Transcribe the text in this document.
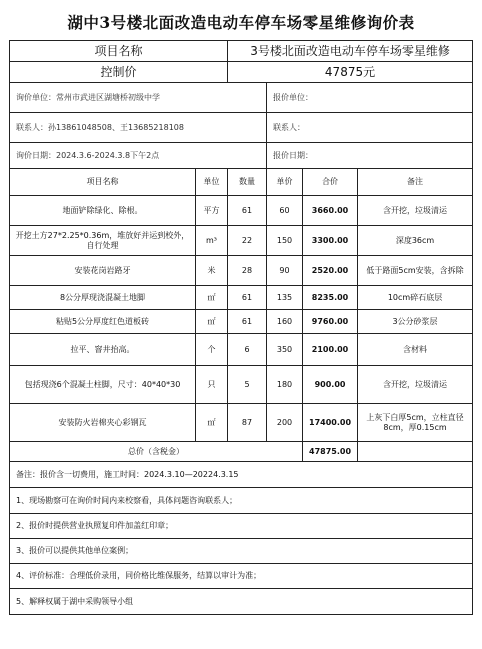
湖中3号楼北面改造电动车停车场零星维修询价表
项目名称		3号楼北面改造电动车停车场零星维修			
控制价		47875元			
询价单位：常州市武进区湖塘桥初级中学			报价单位：		
联系人：孙13861048508、王13685218108			联系人：		
询价日期：2024.3.6-2024.3.8下午2点			报价日期：		
项目名称	单位	数量	单价	合价	备注
地面铲除绿化、除根。	平方	61	60	3660.00	含开挖，垃圾清运
开挖土方27*2.25*0.36m，堆放好并运到校外，自行处理	m³	22	150	3300.00	深度36cm
安装花岗岩路牙	米	28	90	2520.00	低于路面5cm安装，含拆除
8公分厚现浇混凝土地脚	㎡	61	135	8235.00	10cm碎石底层
粘贴5公分厚度红色道板砖	㎡	61	160	9760.00	3公分砂浆层
拉平、窨井抬高。	个	6	350	2100.00	含材料
包括现浇6个混凝土柱脚，尺寸：40*40*30	只	5	180	900.00	含开挖，垃圾清运
安装防火岩棉夹心彩钢瓦	㎡	87	200	17400.00	上灰下白厚5cm，立柱直径8cm，厚0.15cm
总价（含税金）				47875.00	
备注：报价含一切费用，施工时间：2024.3.10—20224.3.15					
1、现场勘察可在询价时间内来校察看，具体问题咨询联系人；					
2、报价时提供营业执照复印件加盖红印章；					
3、报价可以提供其他单位案例；					
4、评价标准：合理低价录用，同价格比维保服务，结算以审计为准；					
5、解释权属于湖中采购领导小组					
